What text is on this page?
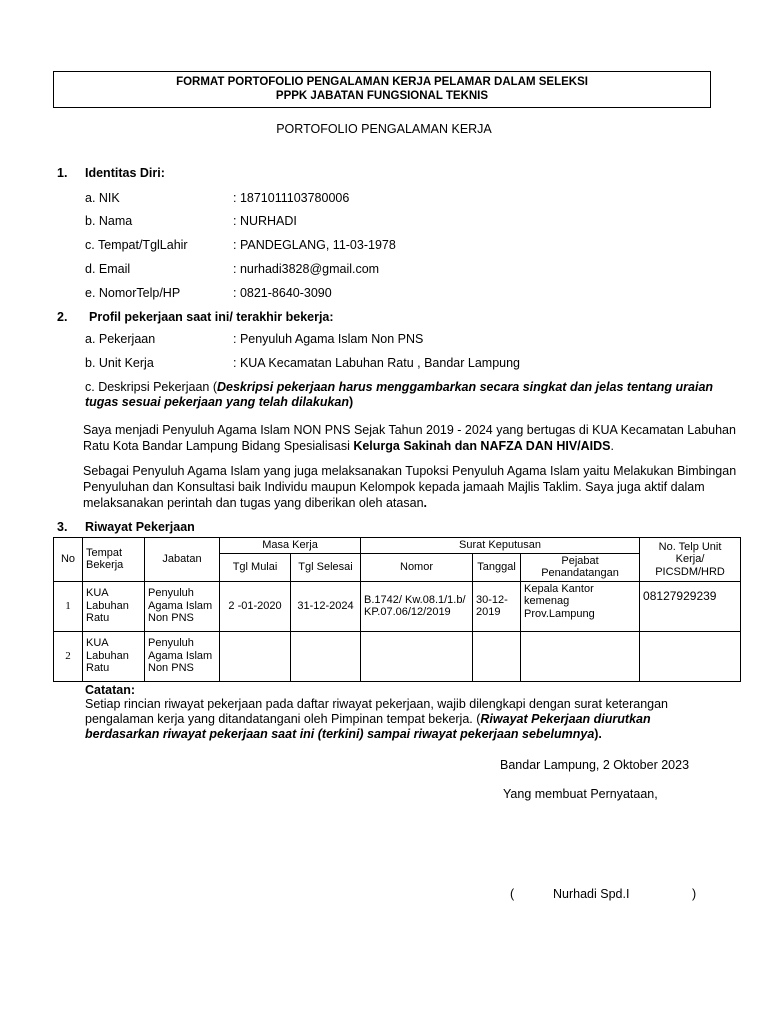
FORMAT PORTOFOLIO PENGALAMAN KERJA PELAMAR DALAM SELEKSI
PPPK JABATAN FUNGSIONAL TEKNIS
PORTOFOLIO PENGALAMAN KERJA
1. Identitas Diri:
a. NIK	: 1871011103780006
b. Nama	: NURHADI
c. Tempat/TglLahir	: PANDEGLANG, 11-03-1978
d. Email	: nurhadi3828@gmail.com
e. NomorTelp/HP	: 0821-8640-3090
2. Profil pekerjaan saat ini/ terakhir bekerja:
a. Pekerjaan	: Penyuluh Agama Islam Non PNS
b. Unit Kerja	: KUA Kecamatan Labuhan Ratu , Bandar Lampung
c. Deskripsi Pekerjaan (Deskripsi pekerjaan harus menggambarkan secara singkat dan jelas tentang uraian tugas sesuai pekerjaan yang telah dilakukan)
Saya menjadi Penyuluh Agama Islam NON PNS Sejak Tahun 2019 - 2024 yang bertugas di KUA Kecamatan Labuhan Ratu Kota Bandar Lampung Bidang Spesialisasi Kelurga Sakinah dan NAFZA DAN HIV/AIDS.
Sebagai Penyuluh Agama Islam yang juga melaksanakan Tupoksi Penyuluh Agama Islam yaitu Melakukan Bimbingan Penyuluhan dan Konsultasi baik Individu maupun Kelompok kepada jamaah Majlis Taklim. Saya juga aktif dalam melaksanakan perintah dan tugas yang diberikan oleh atasan.
3. Riwayat Pekerjaan
No	Tempat Bekerja	Jabatan	Masa Kerja		Surat Keputusan			No. Telp Unit Kerja/ PICSDM/HRD
			Tgl Mulai	Tgl Selesai	Nomor	Tanggal	Pejabat Penandatangan	
1	KUA Labuhan Ratu	Penyuluh Agama Islam Non PNS	2 -01-2020	31-12-2024	B.1742/ Kw.08.1/1.b/ KP.07.06/12/2019	30-12-2019	Kepala Kantor kemenag Prov.Lampung	08127929239
2	KUA Labuhan Ratu	Penyuluh Agama Islam Non PNS						
Catatan:
Setiap rincian riwayat pekerjaan pada daftar riwayat pekerjaan, wajib dilengkapi dengan surat keterangan pengalaman kerja yang ditandatangani oleh Pimpinan tempat bekerja. (Riwayat Pekerjaan diurutkan berdasarkan riwayat pekerjaan saat ini (terkini) sampai riwayat pekerjaan sebelumnya).
Bandar Lampung, 2 Oktober 2023
Yang membuat Pernyataan,
(	Nurhadi Spd.I	)
